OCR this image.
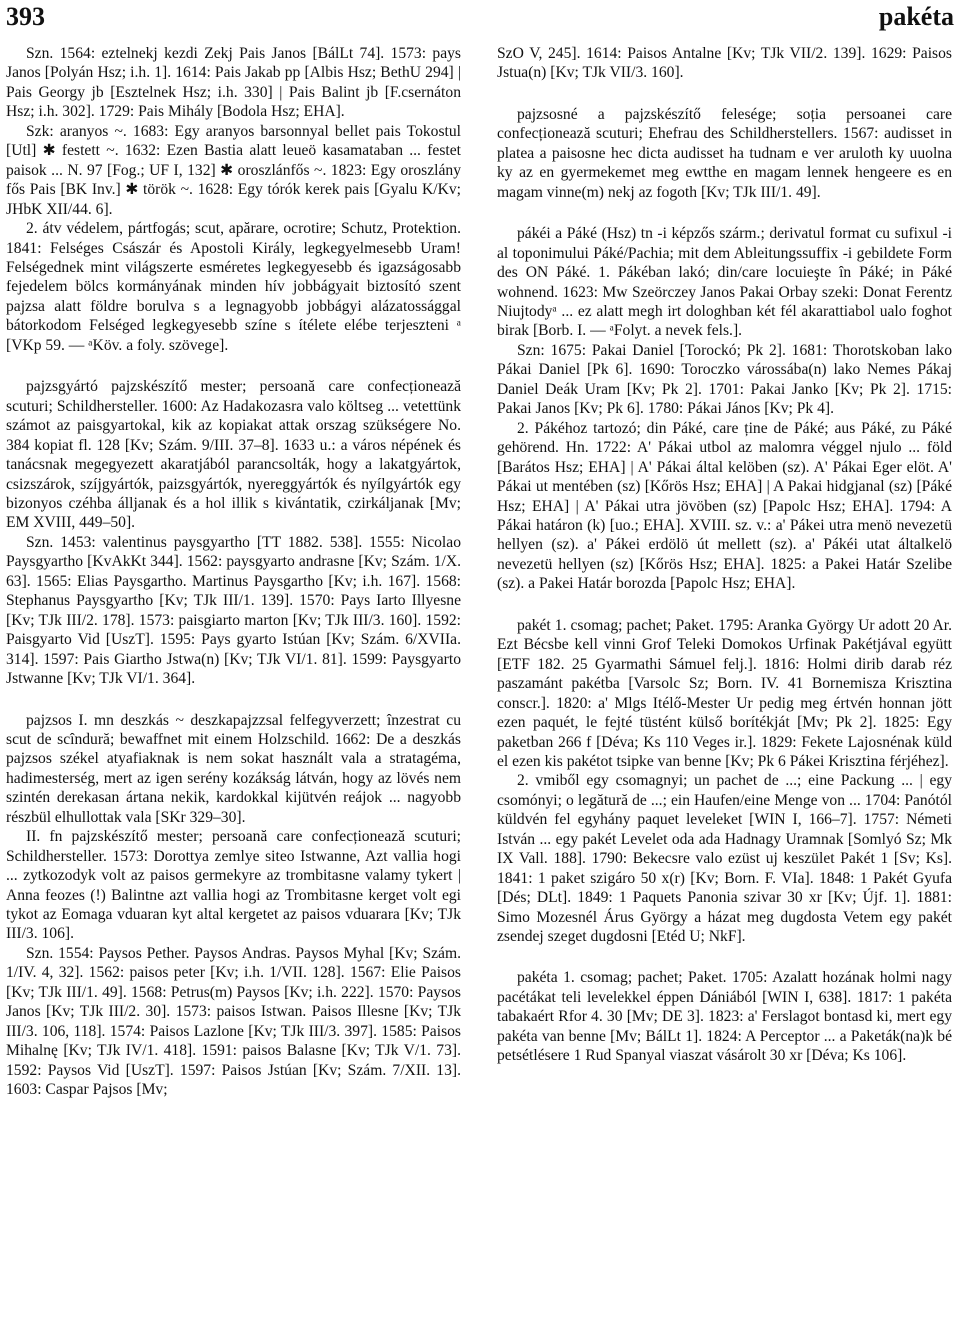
393	pakéta

Szn. 1564: eztelnekj kezdi Zekj Pais Janos [BálLt 74]. 1573: pays Janos [Polyán Hsz; i.h. 1]. 1614: Pais Jakab pp [Albis Hsz; BethU 294] | Pais Georgy jb [Esztelnek Hsz; i.h. 330] | Pais Balint jb [F.csernáton Hsz; i.h. 302]. 1729: Pais Mihály [Bodola Hsz; EHA].

Szk: aranyos ~. 1683: Egy aranyos barsonnyal bellet pais Tokostul [Utl] ✱ festett ~. 1632: Ezen Bastia alatt leueö kasamataban ... festet paisok ... N. 97 [Fog.; UF I, 132] ✱ oroszlánfős ~. 1823: Egy oroszlány fős Pais [BK Inv.] ✱ török ~. 1628: Egy tórók kerek pais [Gyalu K/Kv; JHbK XII/44. 6].

2. átv védelem, pártfogás; scut, apărare, ocrotire; Schutz, Protektion. 1841: Felséges Császár és Apostoli Király, legkegyelmesebb Uram! Felségednek mint világszerte esméretes legkegyesebb és igazságosabb fejedelem bölcs kormányának minden hív jobbágyait biztosító szent pajzsa alatt földre borulva s a legnagyobb jobbágyi alázatossággal bátorkodom Felséged legkegyesebb színe s ítélete elébe terjeszteni ᵃ [VKp 59. — ᵃKöv. a foly. szövege].

pajzsgyártó pajzskészítő mester; persoană care confecționează scuturi; Schildhersteller. 1600: Az Hadakozasra valo költseg ... vetettünk számot az paisgyartokal, kik az kopiakat attak orszag szükségere No. 384 kopiat fl. 128 [Kv; Szám. 9/III. 37–8]. 1633 u.: a város népének és tanácsnak megegyezett akaratjából parancsolták, hogy a lakatgyártok, csizszárok, szíjgyártók, paizsgyártók, nyereggyártók és nyílgyártók egy bizonyos czéhba álljanak és a hol illik s kivántatik, czirkáljanak [Mv; EM XVIII, 449–50].

Szn. 1453: valentinus paysgyartho [TT 1882. 538]. 1555: Nicolao Paysgyartho [KvAkKt 344]. 1562: paysgyarto andrasne [Kv; Szám. 1/X. 63]. 1565: Elias Paysgartho. Martinus Paysgartho [Kv; i.h. 167]. 1568: Stephanus Paysgyartho [Kv; TJk III/1. 139]. 1570: Pays Iarto Illyesne [Kv; TJk III/2. 178]. 1573: paisgiarto marton [Kv; TJk III/3. 160]. 1592: Paisgyarto Vid [UszT]. 1595: Pays gyarto Istúan [Kv; Szám. 6/XVIIa. 314]. 1597: Pais Giartho Jstwa(n) [Kv; TJk VI/1. 81]. 1599: Paysgyarto Jstwanne [Kv; TJk VI/1. 364].

pajzsos I. mn deszkás ~ deszkapajzzsal felfegyverzett; înzestrat cu scut de scîndură; bewaffnet mit einem Holzschild. 1662: De a deszkás pajzsos székel atyafiaknak is nem sokat használt vala a stratagéma, hadimesterség, mert az igen serény kozákság látván, hogy az lövés nem szintén derekasan ártana nekik, kardokkal kijütvén reájok ... nagyobb részbül elhullottak vala [SKr 329–30].

II. fn pajzskészítő mester; persoană care confecționează scuturi; Schildhersteller. 1573: Dorottya zemlye siteo Istwanne, Azt vallia hogi ... zytkozodyk volt az paisos germekyre az trombitasne valamy tykert | Anna feozes (!) Balintne azt vallia hogi az Trombitasne kerget volt egi tykot az Eomaga vduaran kyt altal kergetet az paisos vduarara [Kv; TJk III/3. 106].

Szn. 1554: Paysos Pether. Paysos Andras. Paysos Myhal [Kv; Szám. 1/IV. 4, 32]. 1562: paisos peter [Kv; i.h. 1/VII. 128]. 1567: Elie Paisos [Kv; TJk III/1. 49]. 1568: Petrus(m) Paysos [Kv; i.h. 222]. 1570: Paysos Janos [Kv; TJk III/2. 30]. 1573: paisos Istwan. Paisos Illesne [Kv; TJk III/3. 106, 118]. 1574: Paisos Lazlone [Kv; TJk III/3. 397]. 1585: Paisos Mihalnę [Kv; TJk IV/1. 418]. 1591: paisos Balasne [Kv; TJk V/1. 73]. 1592: Paysos Vid [UszT]. 1597: Paisos Jstúan [Kv; Szám. 7/XII. 13]. 1603: Caspar Pajsos [Mv;

SzO V, 245]. 1614: Paisos Antalne [Kv; TJk VII/2. 139]. 1629: Paisos Jstua(n) [Kv; TJk VII/3. 160].

pajzsosné a pajzskészítő felesége; soția persoanei care confecționează scuturi; Ehefrau des Schildherstellers. 1567: audisset in platea a paisosne hec dicta audisset ha tudnam e ver aruloth ky uuolna ky az en gyermekemet meg ewtthe en magam lennek hengeere es en magam vinne(m) nekj az fogoth [Kv; TJk III/1. 49].

pákéi a Páké (Hsz) tn -i képzős szárm.; derivatul format cu sufixul -i al toponimului Páké/Pachia; mit dem Ableitungssuffix -i gebildete Form des ON Páké. 1. Pákéban lakó; din/care locuieşte în Páké; in Páké wohnend. 1623: Mw Szeörczey Janos Pakai Orbay szeki: Donat Ferentz Niujtodyᵃ ... ez alatt megh irt dologhban két fél akarattiabol ualo foghot birak [Borb. I. — ᵃFolyt. a nevek fels.].

Szn: 1675: Pakai Daniel [Torockó; Pk 2]. 1681: Thorotskoban lako Pákai Daniel [Pk 6]. 1690: Toroczko várossába(n) lako Nemes Pákaj Daniel Deák Uram [Kv; Pk 2]. 1701: Pakai Janko [Kv; Pk 2]. 1715: Pakai Janos [Kv; Pk 6]. 1780: Pákai János [Kv; Pk 4].

2. Pákéhoz tartozó; din Páké, care ține de Páké; aus Páké, zu Páké gehörend. Hn. 1722: A' Pákai utbol az malomra véggel njulo ... föld [Barátos Hsz; EHA] | A' Pákai által kelöben (sz). A' Pákai Eger elöt. A' Pákai ut mentében (sz) [Kőrös Hsz; EHA] | A Pakai hidgjanal (sz) [Páké Hsz; EHA] | A' Pákai utra jövöben (sz) [Papolc Hsz; EHA]. 1794: A Pákai határon (k) [uo.; EHA]. XVIII. sz. v.: a' Pákei utra menö nevezetü hellyen (sz). a' Pákei erdölö út mellett (sz). a' Pákéi utat általkelö nevezetü hellyen (sz) [Kőrös Hsz; EHA]. 1825: a Pakei Határ Szelibe (sz). a Pakei Határ borozda [Papolc Hsz; EHA].

pakét 1. csomag; pachet; Paket. 1795: Aranka György Ur adott 20 Ar. Ezt Bécsbe kell vinni Grof Teleki Domokos Urfinak Pakétjával együtt [ETF 182. 25 Gyarmathi Sámuel felj.]. 1816: Holmi dirib darab réz paszamánt pakétba [Varsolc Sz; Born. IV. 41 Bornemisza Krisztina conscr.]. 1820: a' Mlgs Itélő-Mester Ur pedig meg értvén honnan jött ezen paquét, le fejté tüstént külső borítékját [Mv; Pk 2]. 1825: Egy paketban 266 f [Déva; Ks 110 Veges ir.]. 1829: Fekete Lajosnénak küld el ezen kis pakétot tsipke van benne [Kv; Pk 6 Pákei Krisztina férjéhez].

2. vmiből egy csomagnyi; un pachet de ...; eine Packung ... | egy csomónyi; o legătură de ...; ein Haufen/eine Menge von ... 1704: Panótól küldvén fel egyhány paquet leveleket [WIN I, 166–7]. 1757: Németi István ... egy pakét Levelet oda ada Hadnagy Uramnak [Somlyó Sz; Mk IX Vall. 188]. 1790: Bekecsre valo ezüst uj keszület Pakét 1 [Sv; Ks]. 1841: 1 paket szigáro 50 x(r) [Kv; Born. F. VIa]. 1848: 1 Pakét Gyufa [Dés; DLt]. 1849: 1 Paquets Panonia szivar 30 xr [Kv; Újf. 1]. 1881: Simo Mozesnél Árus György a házat meg dugdosta Vetem egy pakét zsendej szeget dugdosni [Etéd U; NkF].

pakéta 1. csomag; pachet; Paket. 1705: Azalatt hozának holmi nagy pacétákat teli levelekkel éppen Dániából [WIN I, 638]. 1817: 1 pakéta tabakaért Rfor 4. 30 [Mv; DE 3]. 1823: a' Ferslagot bontasd ki, mert egy pakéta van benne [Mv; BálLt 1]. 1824: A Perceptor ... a Paketák(na)k bé petsétlésere 1 Rud Spanyal viaszat vásárolt 30 xr [Déva; Ks 106].
